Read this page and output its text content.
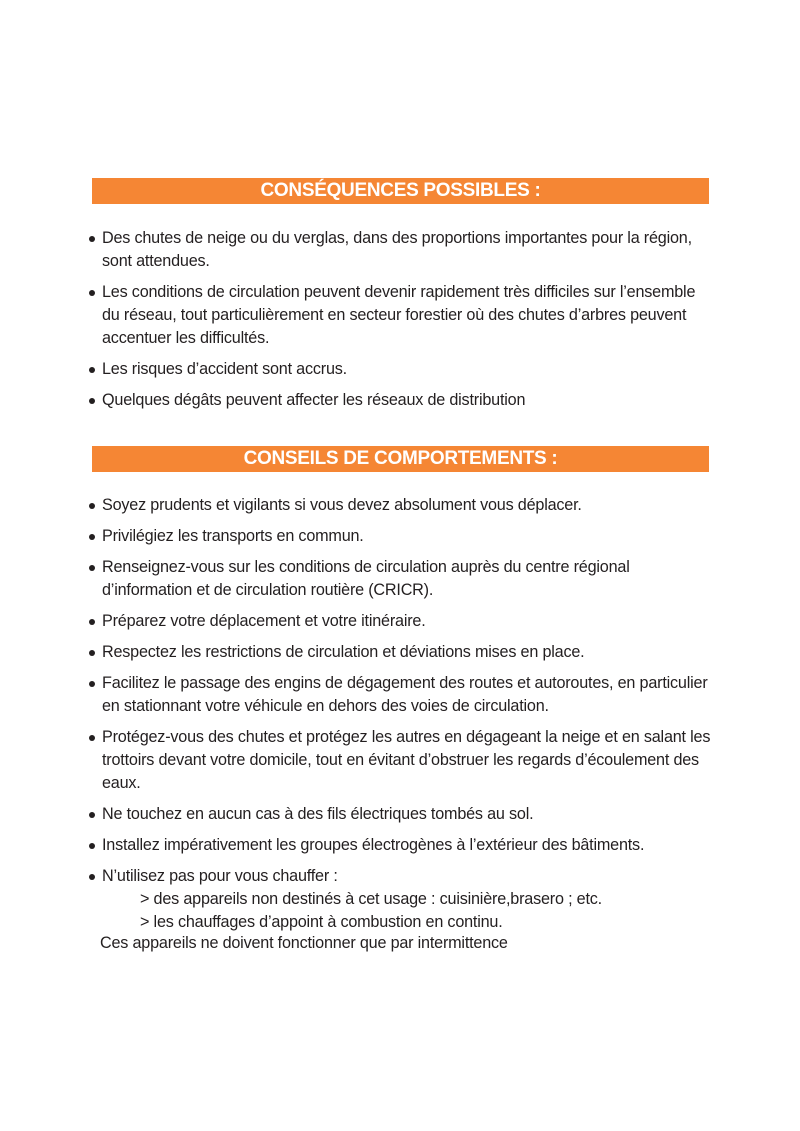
CONSÉQUENCES POSSIBLES :
Des chutes de neige ou du verglas, dans des proportions importantes pour la région, sont attendues.
Les conditions de circulation peuvent devenir rapidement très difficiles sur l’ensemble du réseau, tout particulièrement en secteur forestier où des chutes d’arbres peuvent accentuer les difficultés.
Les risques d’accident sont accrus.
Quelques dégâts peuvent affecter les réseaux de distribution
CONSEILS DE COMPORTEMENTS :
Soyez prudents et vigilants si vous devez absolument vous déplacer.
Privilégiez les transports en commun.
Renseignez-vous sur les conditions de circulation auprès du centre régional d’information et de circulation routière (CRICR).
Préparez votre déplacement et votre itinéraire.
Respectez les restrictions de circulation et déviations mises en place.
Facilitez le passage des engins de dégagement des routes et autoroutes, en particulier en stationnant votre véhicule en dehors des voies de circulation.
Protégez-vous des chutes et protégez les autres en dégageant la neige et en salant les trottoirs devant votre domicile, tout en évitant d’obstruer les regards d’écoulement des eaux.
Ne touchez en aucun cas à des fils électriques tombés au sol.
Installez impérativement les groupes électrogènes à l’extérieur des bâtiments.
N’utilisez pas pour vous chauffer :
> des appareils non destinés à cet usage : cuisinière,brasero ; etc.
> les chauffages d’appoint à combustion en continu.
Ces appareils ne doivent fonctionner que par intermittence
